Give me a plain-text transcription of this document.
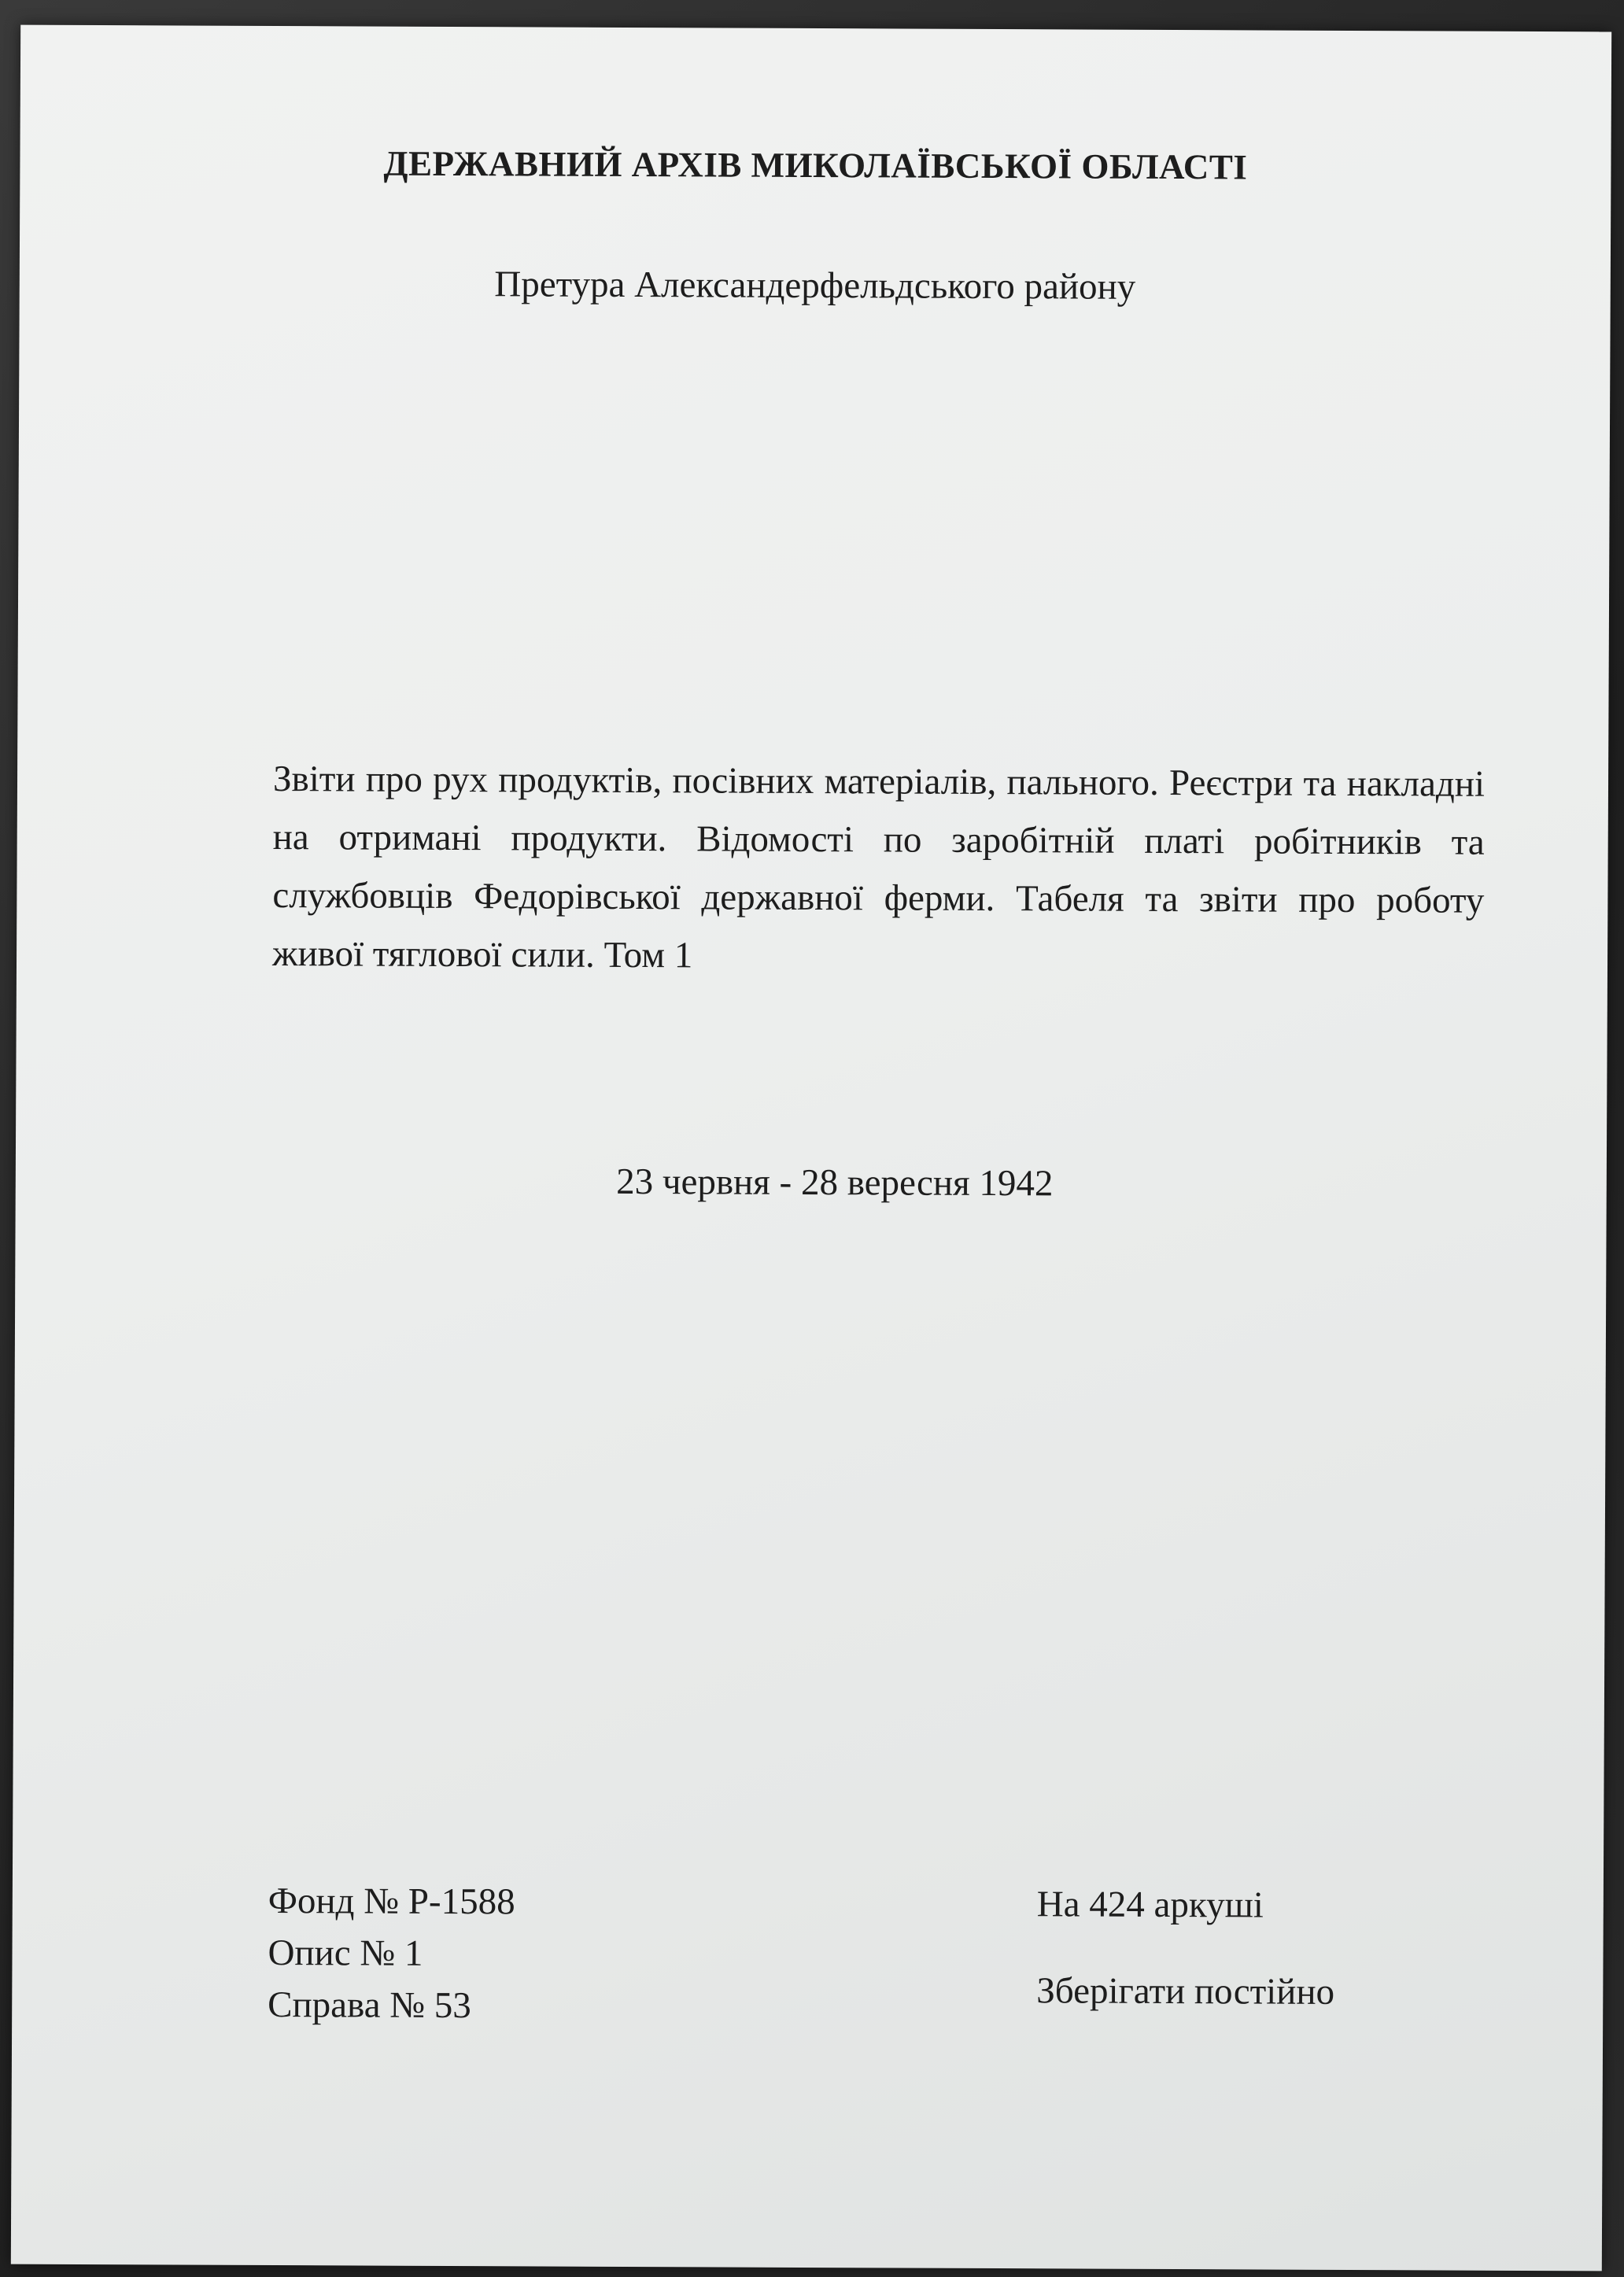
ДЕРЖАВНИЙ АРХІВ МИКОЛАЇВСЬКОЇ ОБЛАСТІ
Претура Александерфельдського району
Звіти про рух продуктів, посівних матеріалів, пального. Реєстри та накладні на отримані продукти. Відомості по заробітній платі робітників та службовців Федорівської державної ферми. Табеля та звіти про роботу живої тяглової сили. Том 1
23 червня - 28 вересня 1942
Фонд № Р-1588
Опис № 1
Справа № 53
На 424 аркуші
Зберігати постійно
